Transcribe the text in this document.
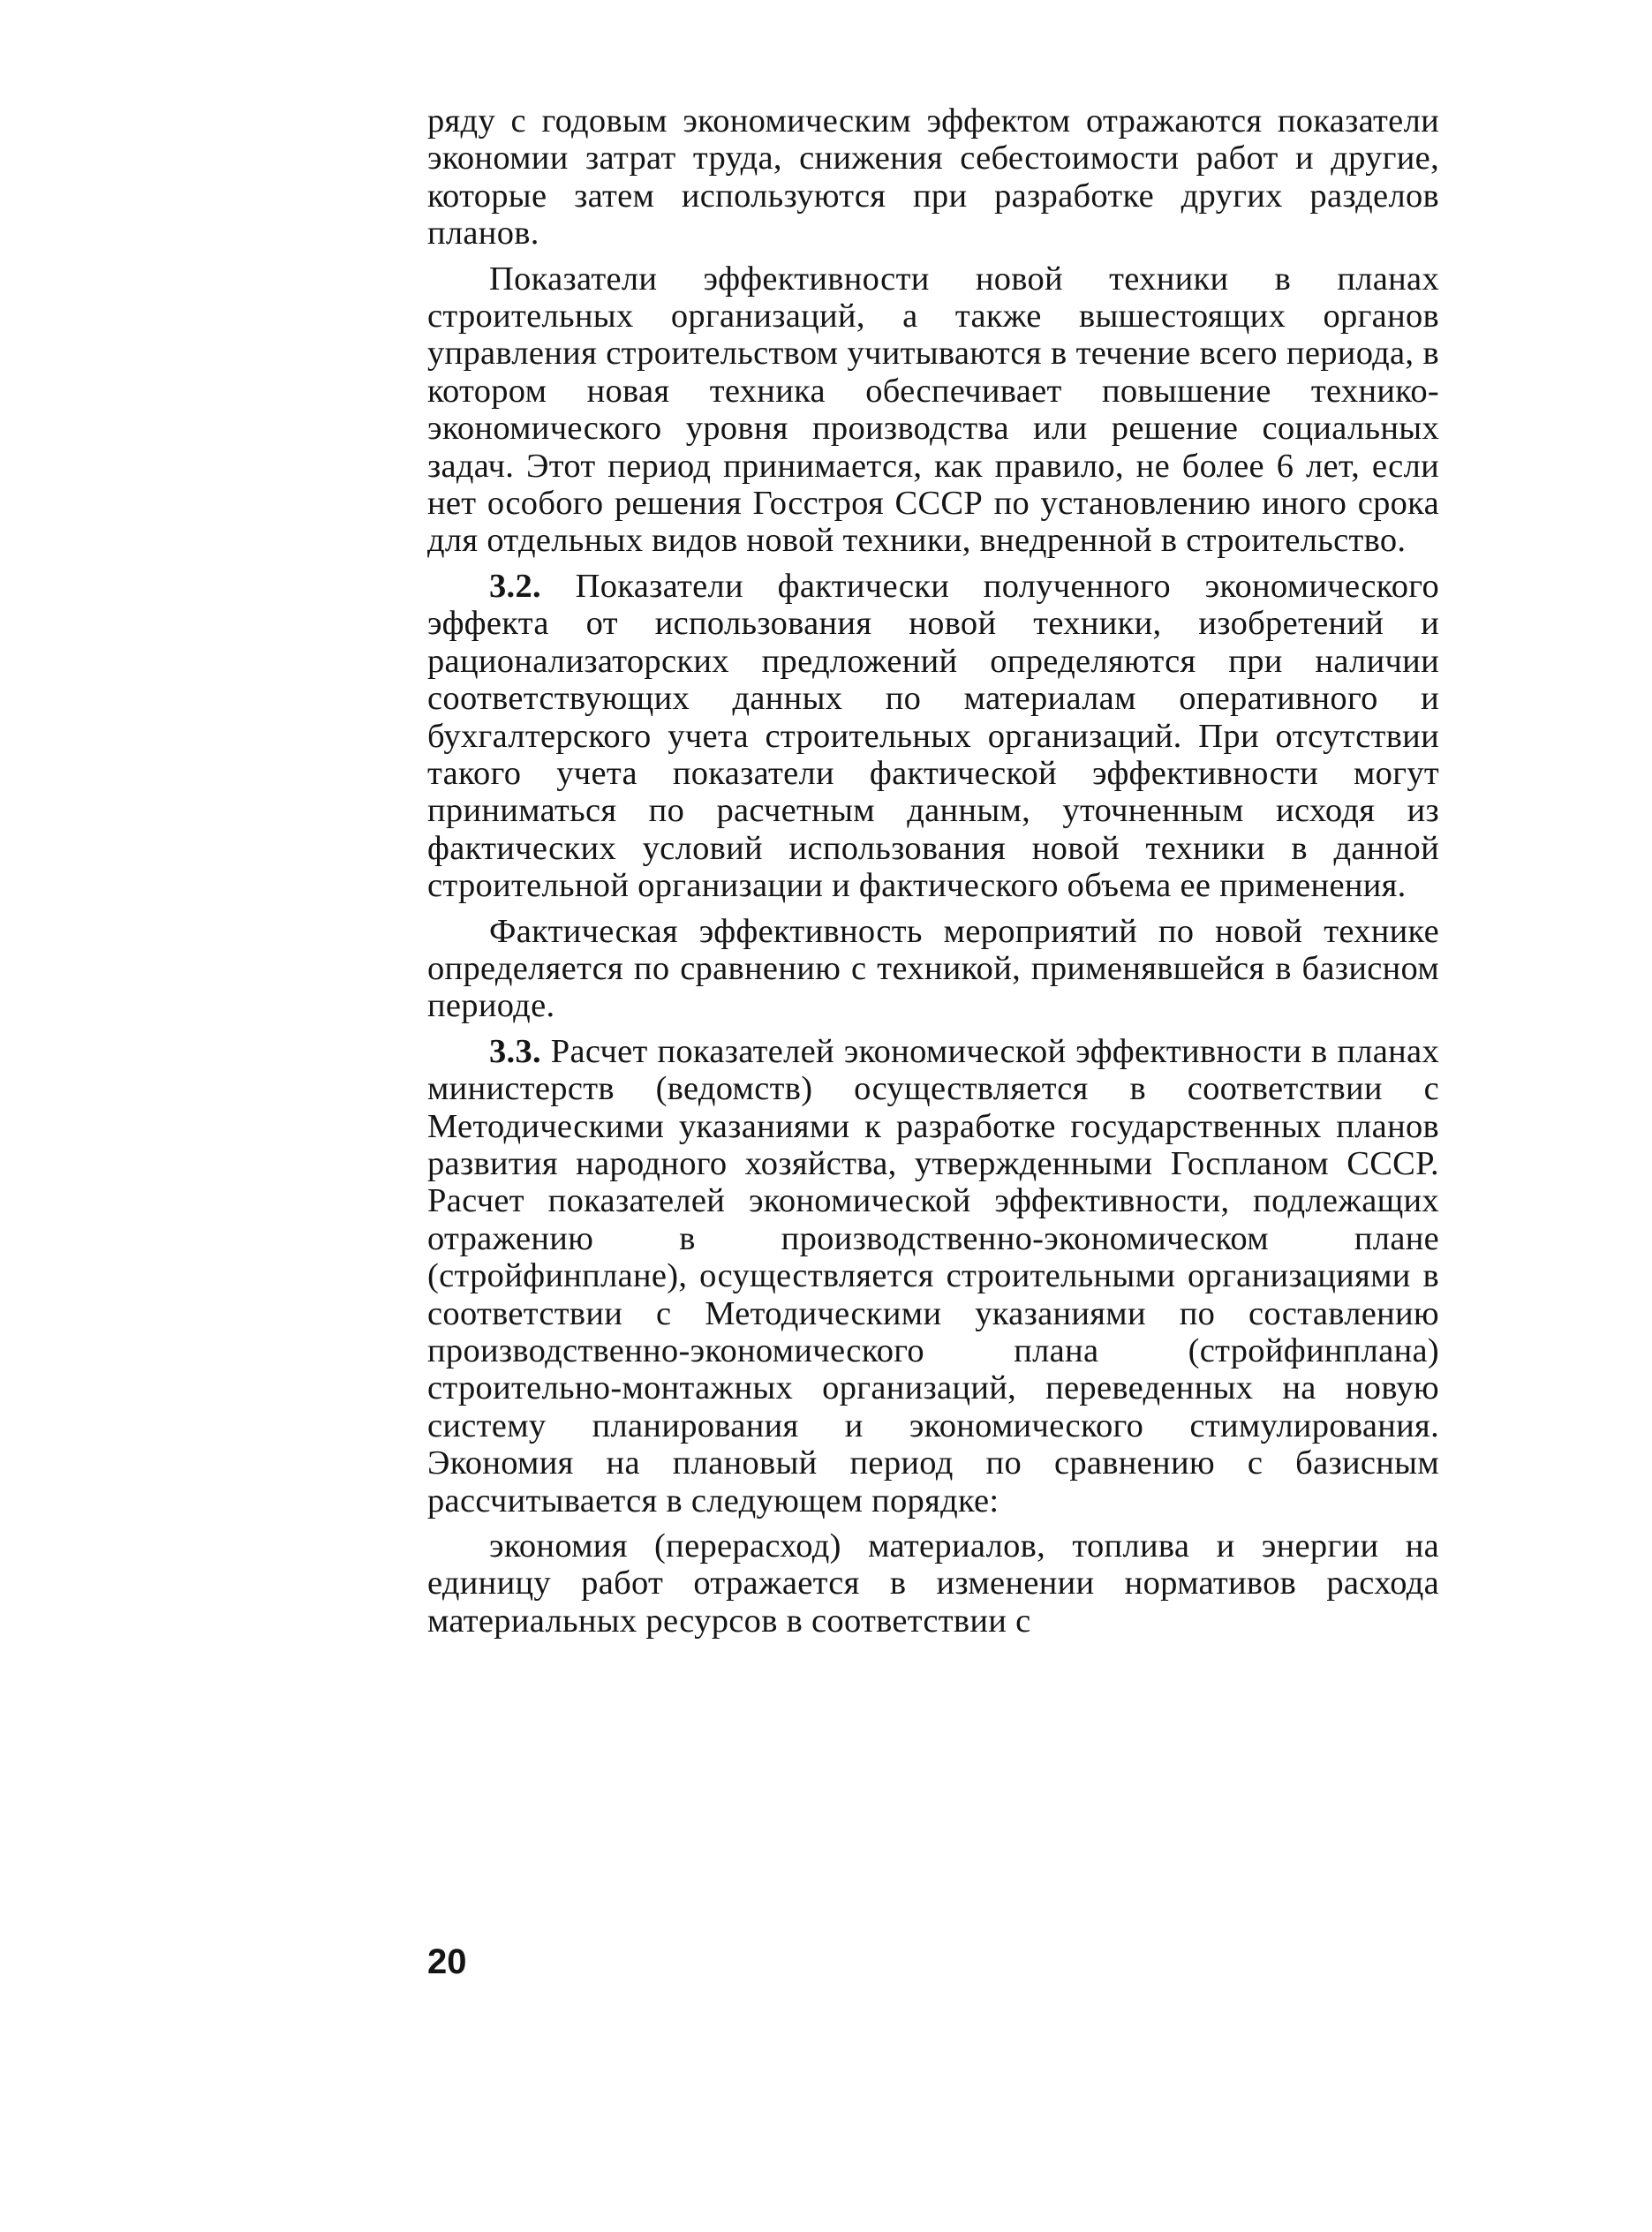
ряду с годовым экономическим эффектом отражаются показатели экономии затрат труда, снижения себестоимости работ и другие, которые затем используются при разработке других разделов планов.

Показатели эффективности новой техники в планах строительных организаций, а также вышестоящих органов управления строительством учитываются в течение всего периода, в котором новая техника обеспечивает повышение технико-экономического уровня производства или решение социальных задач. Этот период принимается, как правило, не более 6 лет, если нет особого решения Госстроя СССР по установлению иного срока для отдельных видов новой техники, внедренной в строительство.

3.2. Показатели фактически полученного экономического эффекта от использования новой техники, изобретений и рационализаторских предложений определяются при наличии соответствующих данных по материалам оперативного и бухгалтерского учета строительных организаций. При отсутствии такого учета показатели фактической эффективности могут приниматься по расчетным данным, уточненным исходя из фактических условий использования новой техники в данной строительной организации и фактического объема ее применения.

Фактическая эффективность мероприятий по новой технике определяется по сравнению с техникой, применявшейся в базисном периоде.

3.3. Расчет показателей экономической эффективности в планах министерств (ведомств) осуществляется в соответствии с Методическими указаниями к разработке государственных планов развития народного хозяйства, утвержденными Госпланом СССР. Расчет показателей экономической эффективности, подлежащих отражению в производственно-экономическом плане (стройфинплане), осуществляется строительными организациями в соответствии с Методическими указаниями по составлению производственно-экономического плана (стройфинплана) строительно-монтажных организаций, переведенных на новую систему планирования и экономического стимулирования. Экономия на плановый период по сравнению с базисным рассчитывается в следующем порядке:

экономия (перерасход) материалов, топлива и энергии на единицу работ отражается в изменении нормативов расхода материальных ресурсов в соответствии с

20
